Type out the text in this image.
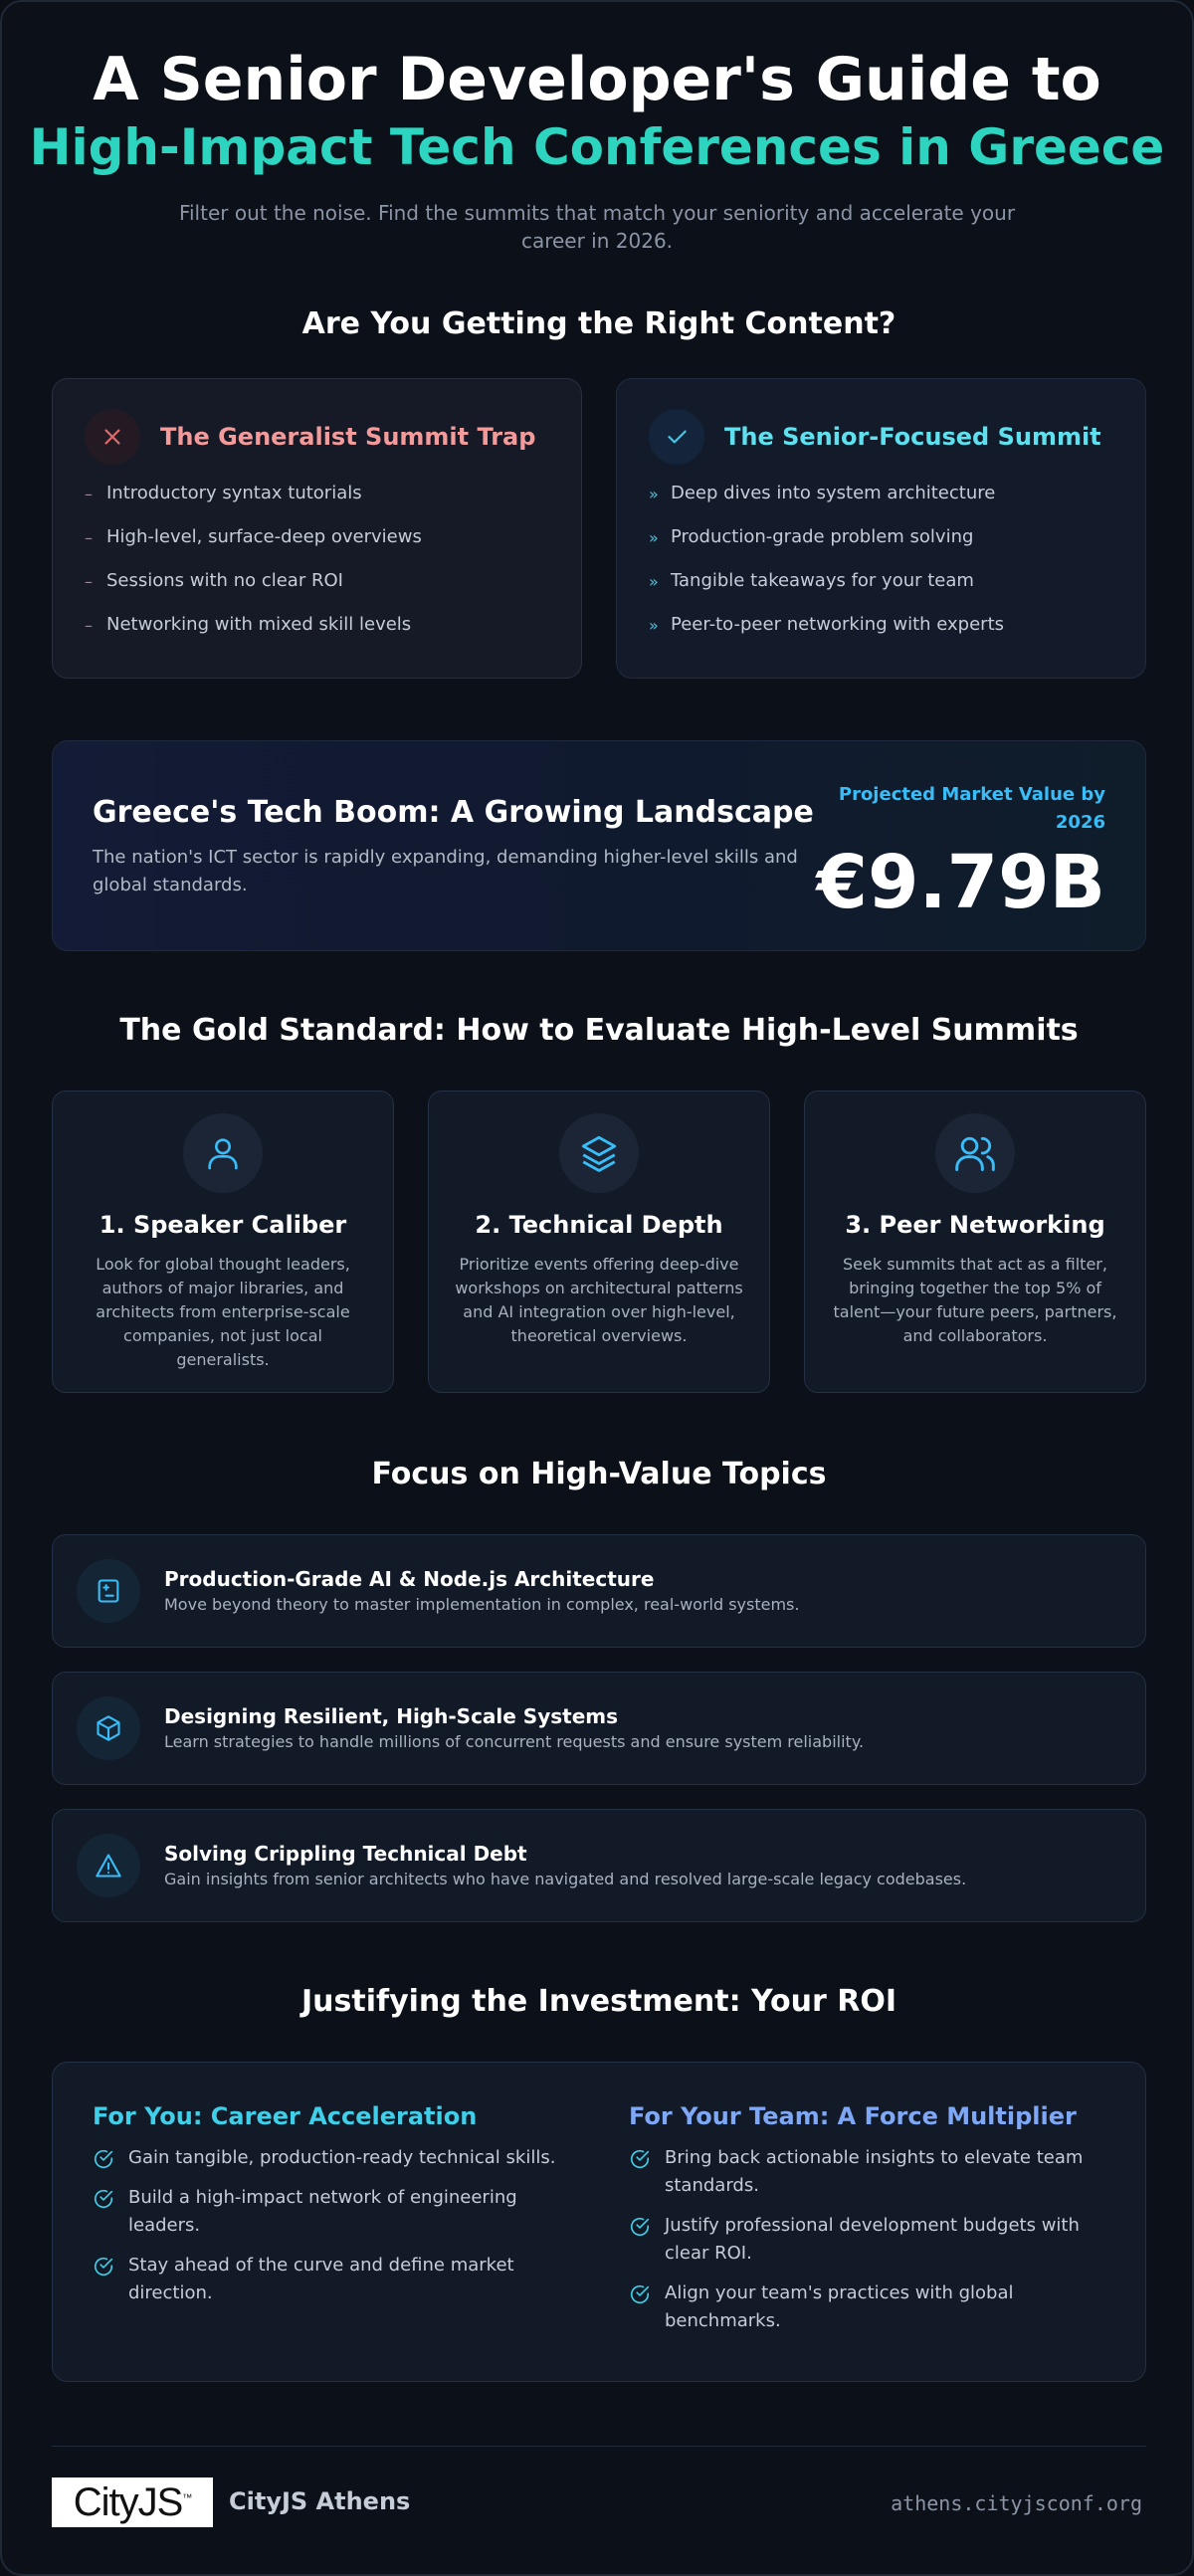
A Senior Developer's Guide to
High-Impact Tech Conferences in Greece

Filter out the noise. Find the summits that match your seniority and accelerate your career in 2026.

Are You Getting the Right Content?
The Generalist Summit Trap
– Introductory syntax tutorials
– High-level, surface-deep overviews
– Sessions with no clear ROI
– Networking with mixed skill levels
The Senior-Focused Summit
» Deep dives into system architecture
» Production-grade problem solving
» Tangible takeaways for your team
» Peer-to-peer networking with experts
Greece's Tech Boom: A Growing Landscape

The nation's ICT sector is rapidly expanding, demanding higher-level skills and global standards.

Projected Market Value by 2026
€9.79B
The Gold Standard: How to Evaluate High-Level Summits
1. Speaker Caliber

Look for global thought leaders, authors of major libraries, and architects from enterprise-scale companies, not just local generalists.

2. Technical Depth

Prioritize events offering deep-dive workshops on architectural patterns and AI integration over high-level, theoretical overviews.

3. Peer Networking

Seek summits that act as a filter, bringing together the top 5% of talent—your future peers, partners, and collaborators.

Focus on High-Value Topics
Production-Grade AI & Node.js Architecture

Move beyond theory to master implementation in complex, real-world systems.

Designing Resilient, High-Scale Systems

Learn strategies to handle millions of concurrent requests and ensure system reliability.

Solving Crippling Technical Debt

Gain insights from senior architects who have navigated and resolved large-scale legacy codebases.

Justifying the Investment: Your ROI
For You: Career Acceleration
Gain tangible, production-ready technical skills.
Build a high-impact network of engineering leaders.
Stay ahead of the curve and define market direction.
For Your Team: A Force Multiplier
Bring back actionable insights to elevate team standards.
Justify professional development budgets with clear ROI.
Align your team's practices with global benchmarks.
CityJS™ CityJS Athens	athens.cityjsconf.org
